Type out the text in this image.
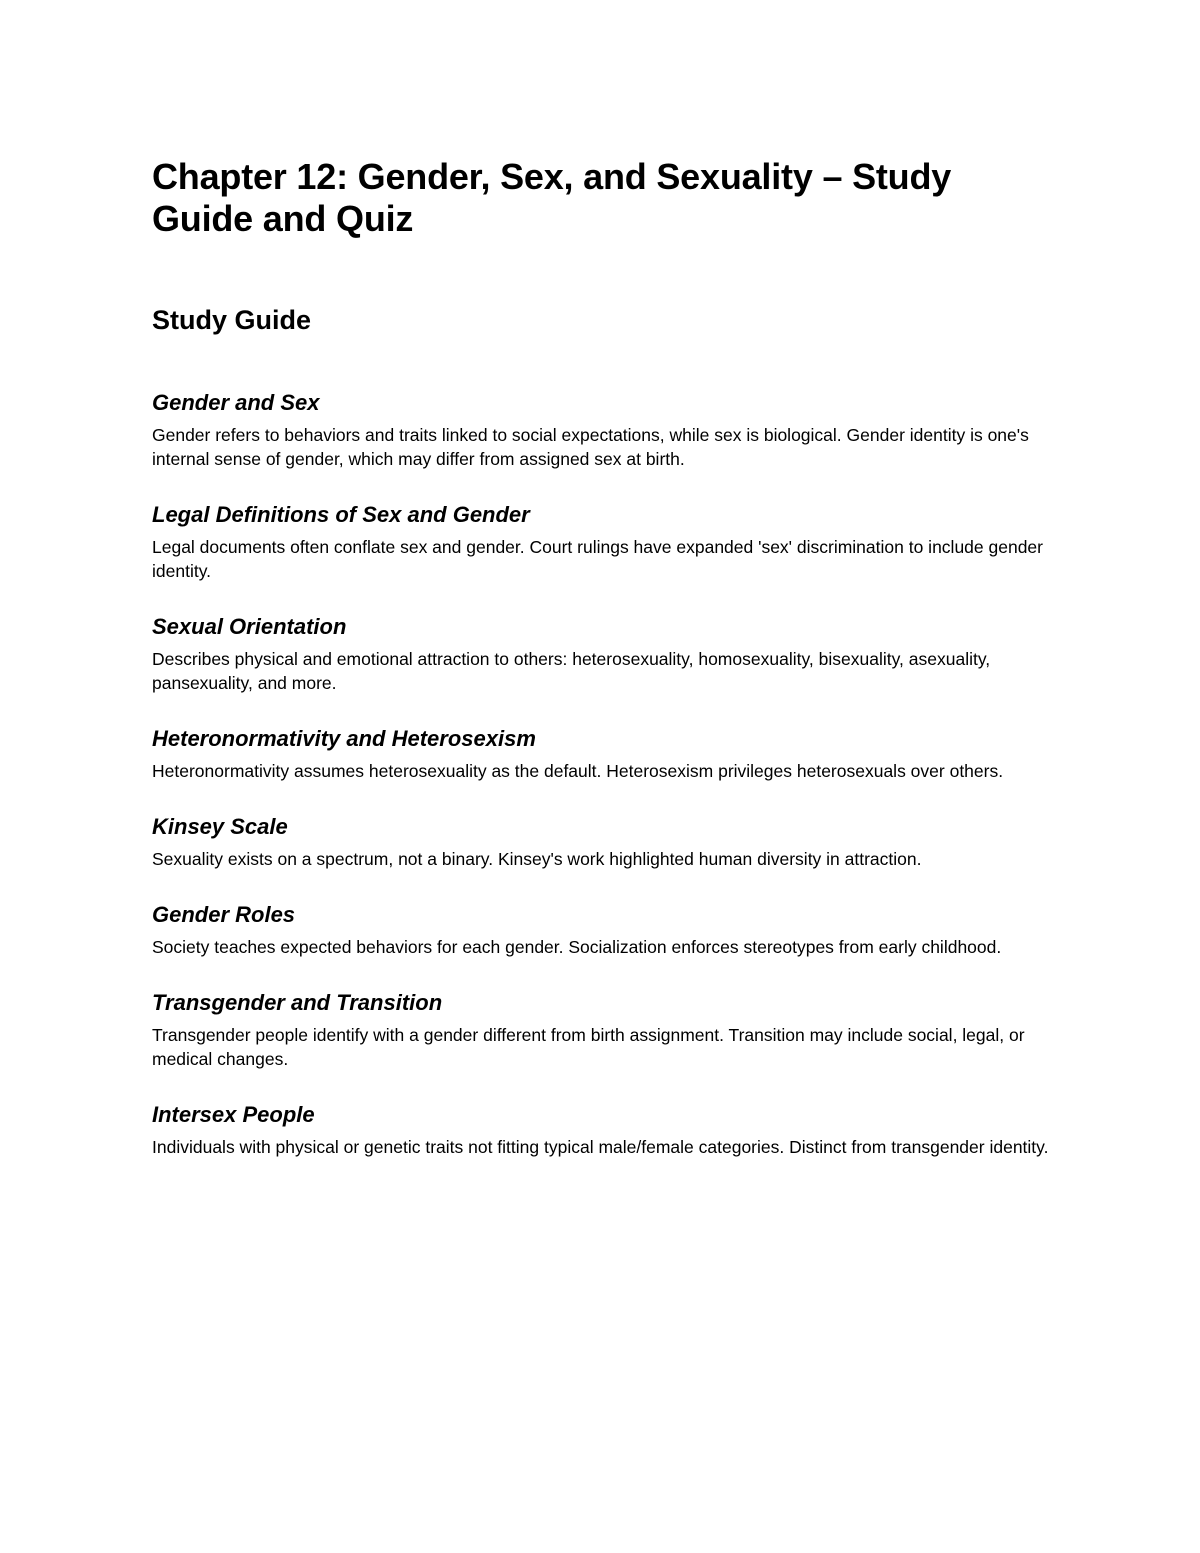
Chapter 12: Gender, Sex, and Sexuality – Study Guide and Quiz
Study Guide
Gender and Sex

Gender refers to behaviors and traits linked to social expectations, while sex is biological. Gender identity is one's internal sense of gender, which may differ from assigned sex at birth.

Legal Definitions of Sex and Gender

Legal documents often conflate sex and gender. Court rulings have expanded 'sex' discrimination to include gender identity.

Sexual Orientation

Describes physical and emotional attraction to others: heterosexuality, homosexuality, bisexuality, asexuality, pansexuality, and more.

Heteronormativity and Heterosexism

Heteronormativity assumes heterosexuality as the default. Heterosexism privileges heterosexuals over others.

Kinsey Scale

Sexuality exists on a spectrum, not a binary. Kinsey's work highlighted human diversity in attraction.

Gender Roles

Society teaches expected behaviors for each gender. Socialization enforces stereotypes from early childhood.

Transgender and Transition

Transgender people identify with a gender different from birth assignment. Transition may include social, legal, or medical changes.

Intersex People

Individuals with physical or genetic traits not fitting typical male/female categories. Distinct from transgender identity.
